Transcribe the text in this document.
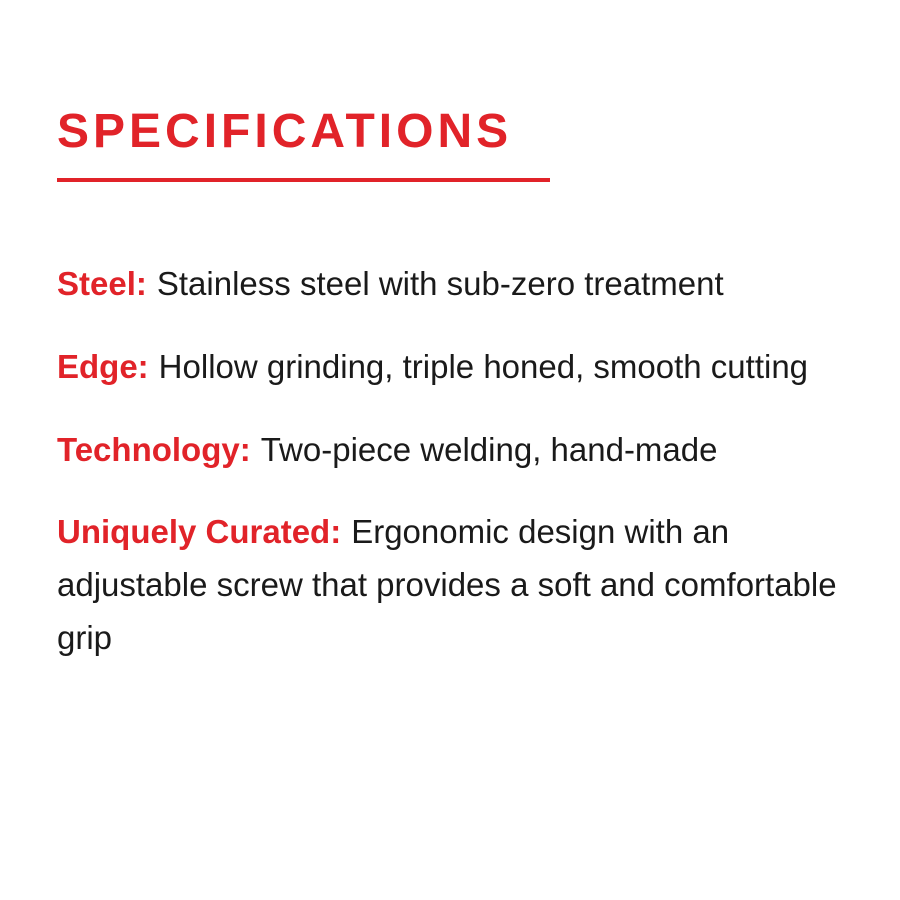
SPECIFICATIONS

Steel: Stainless steel with sub-zero treatment

Edge: Hollow grinding, triple honed, smooth cutting

Technology: Two-piece welding, hand-made

Uniquely Curated: Ergonomic design with an adjustable screw that provides a soft and comfortable grip
